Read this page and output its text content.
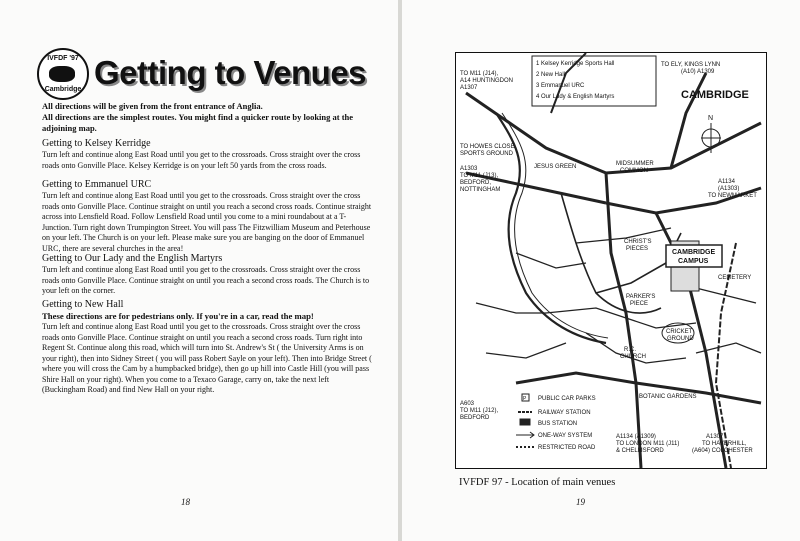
IVFDF '97
Cambridge Getting to Venues
All directions will be given from the front entrance of Anglia.
All directions are the simplest routes. You might find a quicker route by looking at the adjoining map.
Getting to Kelsey Kerridge
Turn left and continue along East Road until you get to the crossroads. Cross straight over the cross roads onto Gonville Place. Kelsey Kerridge is on your left 50 yards from the cross roads.
Getting to Emmanuel URC
Turn left and continue along East Road until you get to the crossroads. Cross straight over the cross roads onto Gonville Place. Continue straight on until you reach a second cross roads. Continue straight across into Lensfield Road. Follow Lensfield Road until you come to a mini roundabout at a T-Junction. Turn right down Trumpington Street. You will pass The Fitzwilliam Museum and Peterhouse on your left. The Church is on your left. Please make sure you are banging on the door of Emmanuel URC, there are several churches in the area!
Getting to Our Lady and the English Martyrs
Turn left and continue along East Road until you get to the crossroads. Cross straight over the cross roads onto Gonville Place. Continue straight on until you reach a second cross roads. The Church is to your left on the corner.
Getting to New Hall
These directions are for pedestrians only. If you're in a car, read the map!
Turn left and continue along East Road until you get to the crossroads. Cross straight over the cross roads onto Gonville Place. Continue straight on until you reach a second cross roads. Turn right into Regent St. Continue along this road, which will turn into St. Andrew's St ( the University Arms is on your right), then into Sidney Street ( you will pass Robert Sayle on your left). Then into Bridge Street ( where you will cross the Cam by a humpbacked bridge), then go up hill into Castle Hill (you will pass Shire Hall on your right). When you come to a Texaco Garage, carry on, take the next left (Buckingham Road) and find New Hall on your right.
18
1 Kelsey Kerridge Sports Hall
2 New Hall
3 Emmanuel URC
4 Our Lady & English Martyrs	CAMBRIDGE
N
CAMBRIDGE
CAMPUS
TO M11 (J14),
A14 HUNTINGDON
A1307
TO ELY, KINGS LYNN
(A10) A1309
TO HOWES CLOSE
SPORTS GROUND
A1303
TO M11 (J13),
BEDFORD,
NOTTINGHAM
A1134
(A1303)
TO NEWMARKET
A603
TO M11 (J12),
BEDFORD
A1134 (A1309)
TO LONDON M11 (J11)
& CHELMSFORD
A1307
TO HAVERHILL,
(A604) COLCHESTER
JESUS GREEN	MIDSUMMER
COMMON
CHRIST'S
PIECES
PARKER'S
PIECE
CRICKET
GROUND
CEMETERY
R.C.
CHURCH
BOTANIC GARDENS
P PUBLIC CAR PARKS
RAILWAY STATION
BUS STATION
ONE-WAY SYSTEM
RESTRICTED ROAD
IVFDF 97 - Location of main venues
19
